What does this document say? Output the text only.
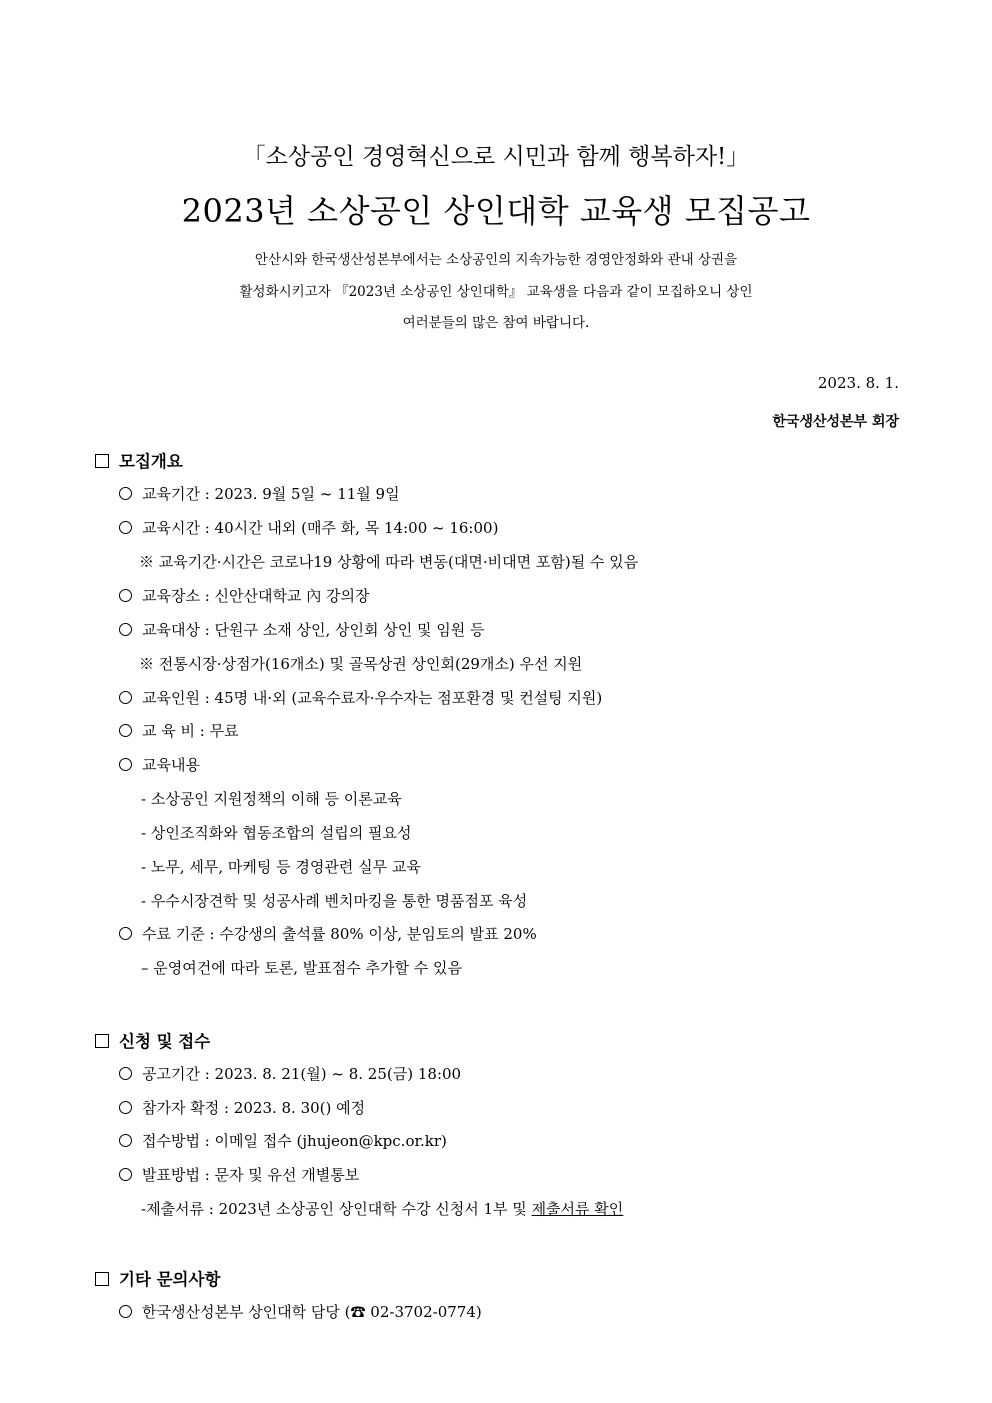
「소상공인 경영혁신으로 시민과 함께 행복하자!」
2023년 소상공인 상인대학 교육생 모집공고
안산시와 한국생산성본부에서는 소상공인의 지속가능한 경영안정화와 관내 상권을
활성화시키고자 『2023년 소상공인 상인대학』 교육생을 다음과 같이 모집하오니 상인
여러분들의 많은 참여 바랍니다.
2023. 8. 1.
한국생산성본부 회장
모집개요
교육기간 : 2023. 9월 5일 ~ 11월 9일
교육시간 : 40시간 내외 (매주 화, 목 14:00 ~ 16:00)
※ 교육기간·시간은 코로나19 상황에 따라 변동(대면·비대면 포함)될 수 있음
교육장소 : 신안산대학교 內 강의장
교육대상 : 단원구 소재 상인, 상인회 상인 및 임원 등
※ 전통시장·상점가(16개소) 및 골목상권 상인회(29개소) 우선 지원
교육인원 : 45명 내·외 (교육수료자·우수자는 점포환경 및 컨설팅 지원)
교 육 비 : 무료
교육내용
- 소상공인 지원정책의 이해 등 이론교육
- 상인조직화와 협동조합의 설립의 필요성
- 노무, 세무, 마케팅 등 경영관련 실무 교육
- 우수시장견학 및 성공사례 벤치마킹을 통한 명품점포 육성
수료 기준 : 수강생의 출석률 80% 이상, 분임토의 발표 20%
– 운영여건에 따라 토론, 발표점수 추가할 수 있음
신청 및 접수
공고기간 : 2023. 8. 21(월) ~ 8. 25(금) 18:00
참가자 확정 : 2023. 8. 30() 예정
접수방법 : 이메일 접수 (jhujeon@kpc.or.kr)
발표방법 : 문자 및 유선 개별통보
-제출서류 : 2023년 소상공인 상인대학 수강 신청서 1부 및 제출서류 확인
기타 문의사항
한국생산성본부 상인대학 담당 (☎ 02-3702-0774)
